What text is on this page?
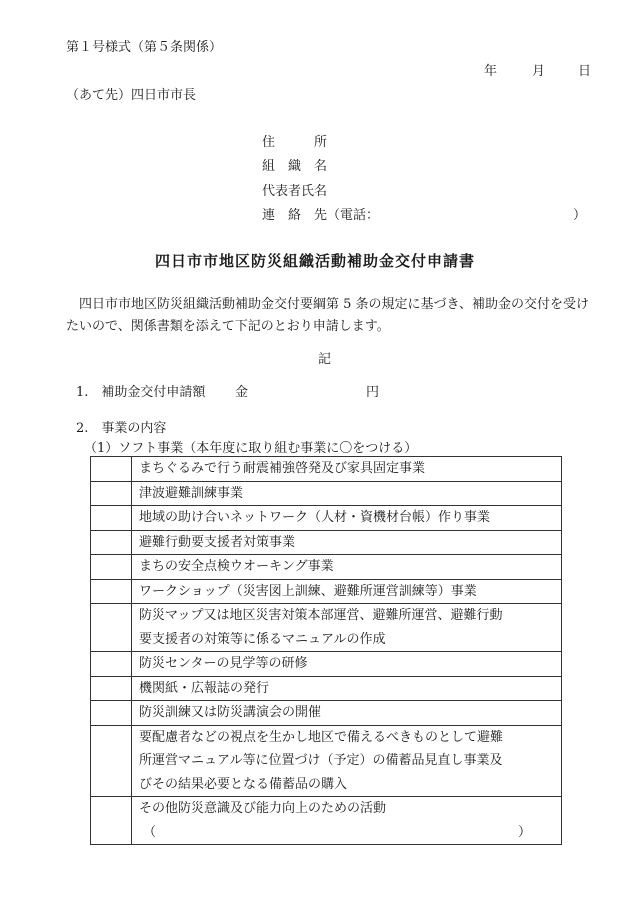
第１号様式（第５条関係）
年	月	日
（あて先）四日市市長
住　　　所
組　織　名
代表者氏名
連　絡　先（電話：	）
四日市市地区防災組織活動補助金交付申請書
四日市市地区防災組織活動補助金交付要綱第 5 条の規定に基づき、補助金の交付を受けたいので、関係書類を添えて下記のとおり申請します。
記
1.　補助金交付申請額 金	円
2.　事業の内容
（1）ソフト事業（本年度に取り組む事業に〇をつける）

	まちぐるみで行う耐震補強啓発及び家具固定事業

	津波避難訓練事業

	地域の助け合いネットワーク（人材・資機材台帳）作り事業

	避難行動要支援者対策事業

	まちの安全点検ウオーキング事業

	ワークショップ（災害図上訓練、避難所運営訓練等）事業

	防災マップ又は地区災害対策本部運営、避難所運営、避難行動
要支援者の対策等に係るマニュアルの作成

	防災センターの見学等の研修

	機関紙・広報誌の発行

	防災訓練又は防災講演会の開催

	要配慮者などの視点を生かし地区で備えるべきものとして避難
所運営マニュアル等に位置づけ（予定）の備蓄品見直し事業及
びその結果必要となる備蓄品の購入

	その他防災意識及び能力向上のための活動
（ ）
